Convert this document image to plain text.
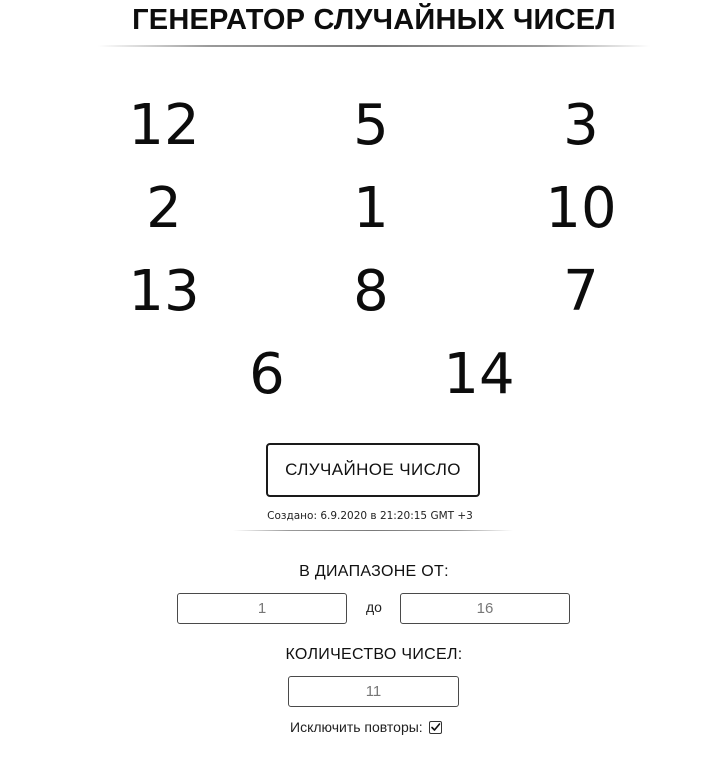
ГЕНЕРАТОР СЛУЧАЙНЫХ ЧИСЕЛ
12	5	3
2	1	10
13	8	7
6	14
СЛУЧАЙНОЕ ЧИСЛО
Создано: 6.9.2020 в 21:20:15 GMT +3
В ДИАПАЗОНЕ ОТ:
1	до	16
КОЛИЧЕСТВО ЧИСЕЛ:
11
Исключить повторы:
